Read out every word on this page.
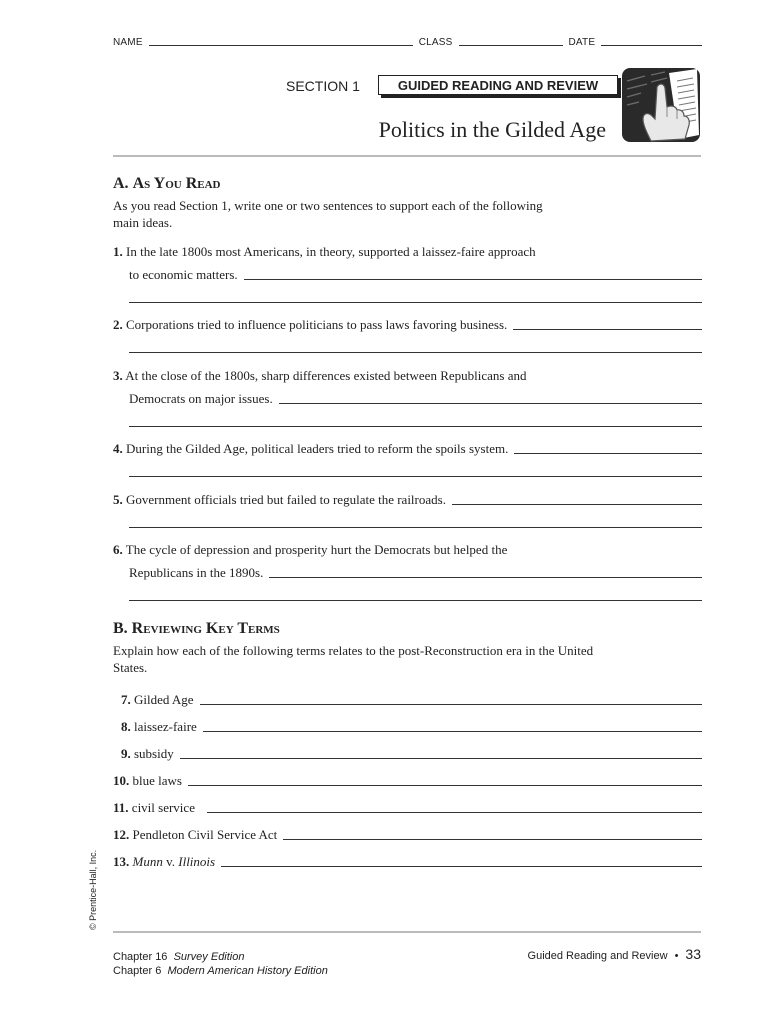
NAME	CLASS	DATE
SECTION 1	GUIDED READING AND REVIEW
Politics in the Gilded Age
A. As You Read
As you read Section 1, write one or two sentences to support each of the following main ideas.
1. In the late 1800s most Americans, in theory, supported a laissez-faire approach
to economic matters.
2. Corporations tried to influence politicians to pass laws favoring business.
3. At the close of the 1800s, sharp differences existed between Republicans and
Democrats on major issues.
4. During the Gilded Age, political leaders tried to reform the spoils system.
5. Government officials tried but failed to regulate the railroads.
6. The cycle of depression and prosperity hurt the Democrats but helped the
Republicans in the 1890s.
B. Reviewing Key Terms
Explain how each of the following terms relates to the post-Reconstruction era in the United States.
7. Gilded Age
8. laissez-faire
9. subsidy
10. blue laws
11. civil service
12. Pendleton Civil Service Act
13. Munn v. Illinois
© Prentice-Hall, Inc.
Chapter 16 Survey Edition
Chapter 6 Modern American History Edition
Guided Reading and Review • 33
